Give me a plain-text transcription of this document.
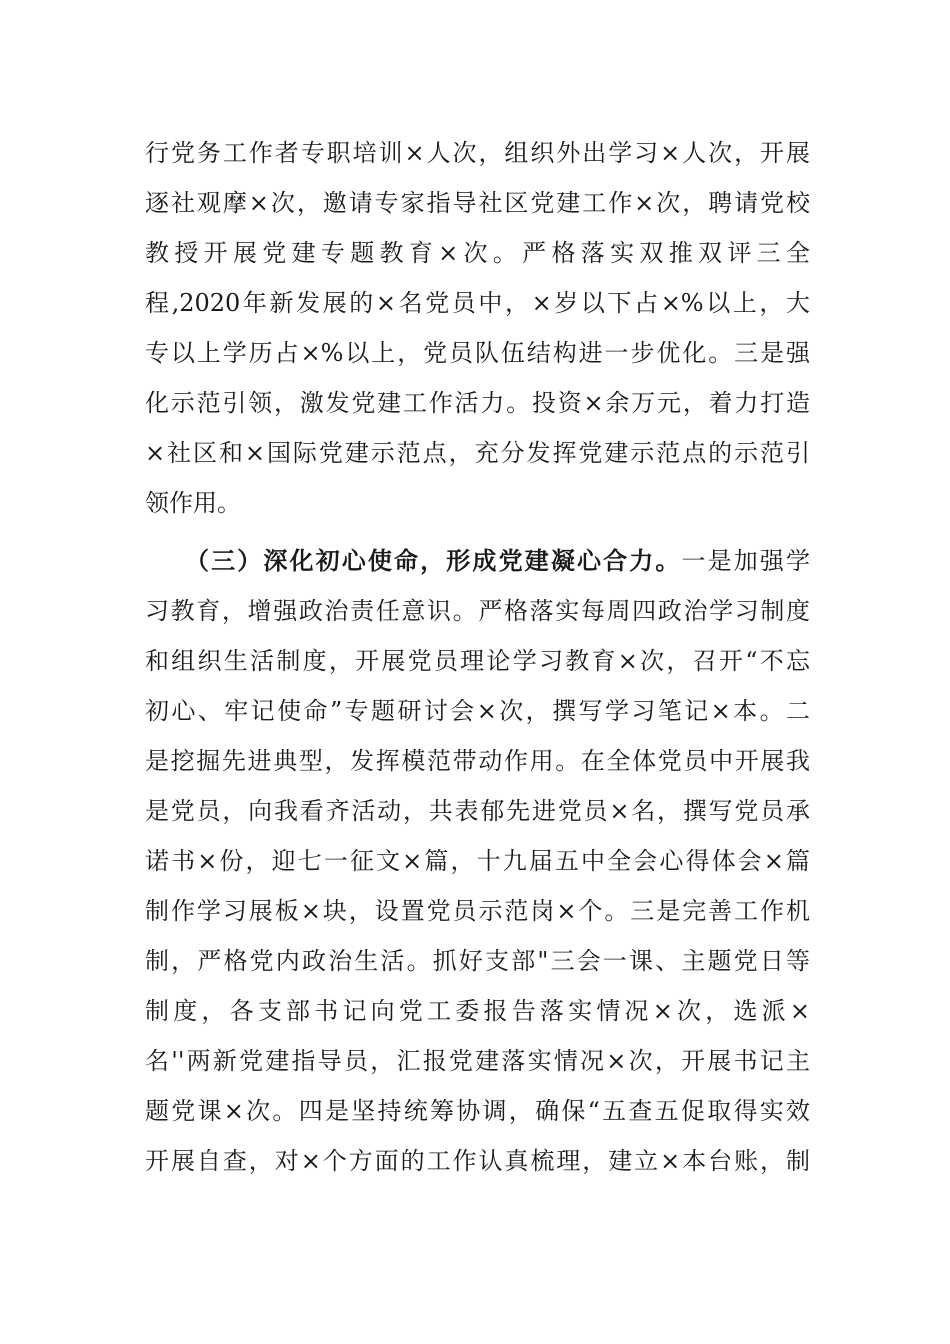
行党务工作者专职培训×人次，组织外出学习×人次，开展
逐社观摩×次，邀请专家指导社区党建工作×次，聘请党校
教授开展党建专题教育×次。严格落实双推双评三全
程,2020年新发展的×名党员中，×岁以下占×%以上，大
专以上学历占×%以上，党员队伍结构进一步优化。三是强
化示范引领，激发党建工作活力。投资×余万元，着力打造
×社区和×国际党建示范点，充分发挥党建示范点的示范引
领作用。
（三）深化初心使命，形成党建凝心合力。一是加强学
习教育，增强政治责任意识。严格落实每周四政治学习制度
和组织生活制度，开展党员理论学习教育×次，召开“不忘
初心、牢记使命”专题研讨会×次，撰写学习笔记×本。二
是挖掘先进典型，发挥模范带动作用。在全体党员中开展我
是党员，向我看齐活动，共表郁先进党员×名，撰写党员承
诺书×份，迎七一征文×篇，十九届五中全会心得体会×篇
制作学习展板×块，设置党员示范岗×个。三是完善工作机
制，严格党内政治生活。抓好支部"三会一课、主题党日等
制度，各支部书记向党工委报告落实情况×次，选派×
名''两新党建指导员，汇报党建落实情况×次，开展书记主
题党课×次。四是坚持统筹协调，确保“五查五促取得实效
开展自查，对×个方面的工作认真梳理，建立×本台账，制
